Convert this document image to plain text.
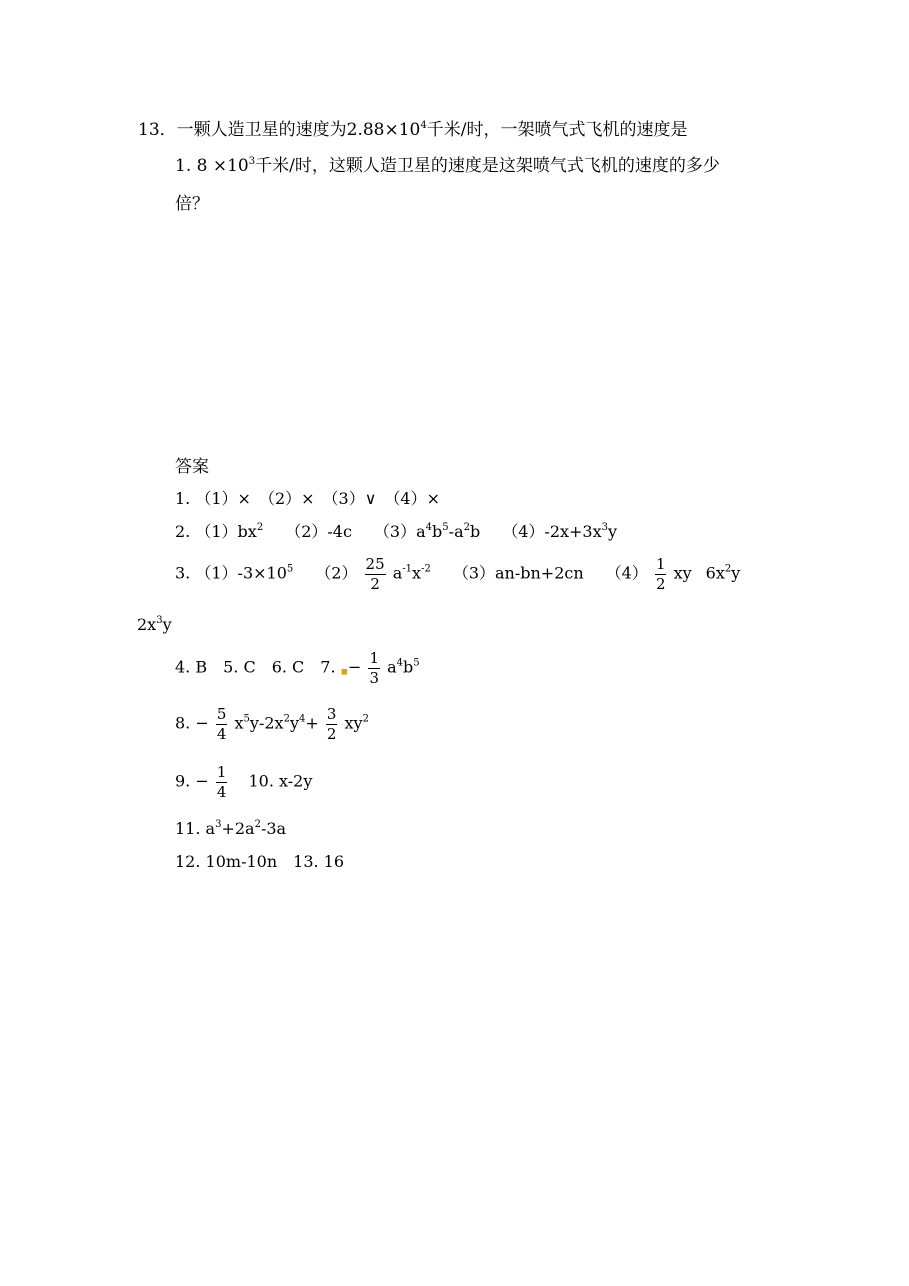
13．一颗人造卫星的速度为$2.88\times 10^4$千米/时，一架喷气式飞机的速度是
1. $8 \times 10^3$千米/时，这颗人造卫星的速度是这架喷气式飞机的速度的多少
倍？
答案
1. （1）×　（2）×　（3）∨　（4）×
2. $(1)bx^2$ （2）-4c $(3)a^4b^5-a^2b$ $(4)-2x+3x^3y$
3. $(1)-3\times 10^5$ $(2) \frac{25}{2} a^{-1}x^{-2}$ （3）an-bn+2cn $(4) \frac{1}{2}$ xy $6x^2y$
$2x^3y$
4. B　5. C　6. C　7. ◾− $\frac{1}{3} a^4b^5$
8. − $\frac{5}{4} x^5y-2x^2y^4+ \frac{3}{2} xy^2$
9. − $\frac{1}{4} 10$. x-2y
11. $a^3+2a^2-3a$
12. 10m-10n　13. 16
